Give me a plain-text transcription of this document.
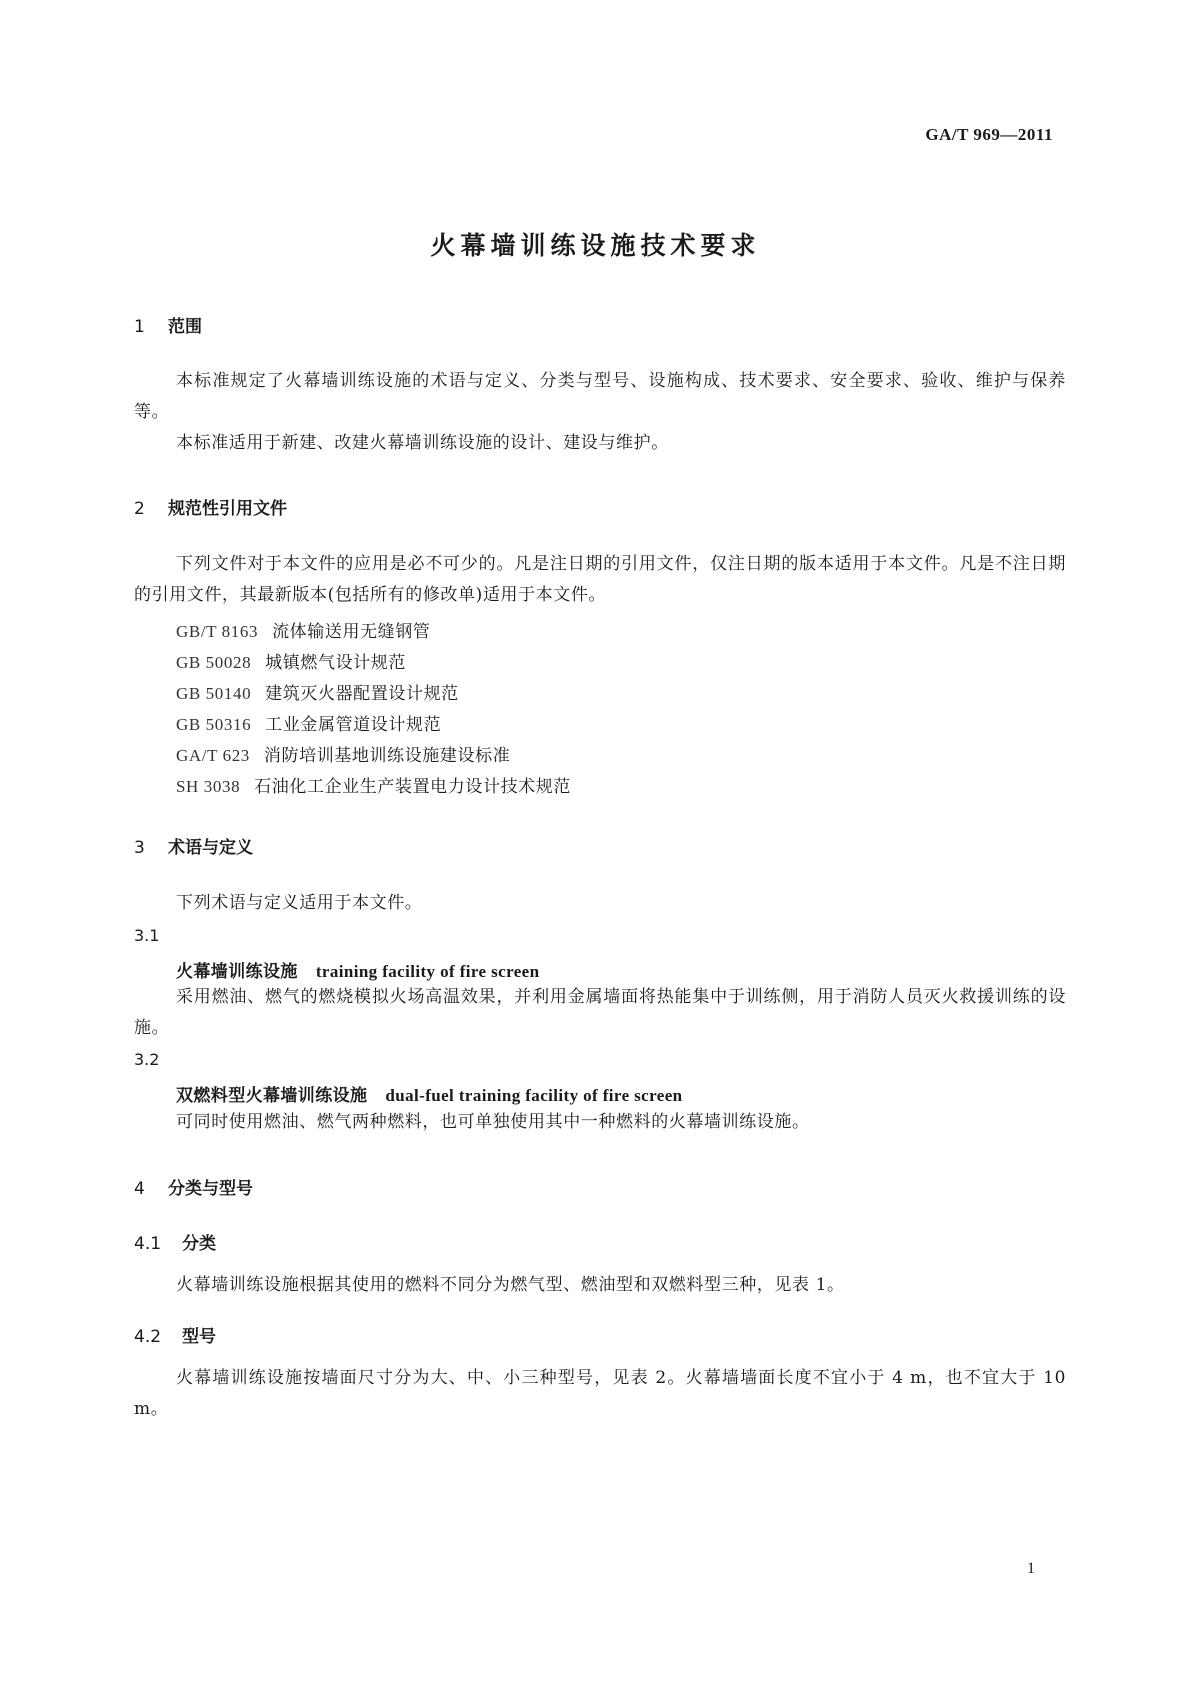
GA/T 969—2011
火幕墙训练设施技术要求
1 范围
本标准规定了火幕墙训练设施的术语与定义、分类与型号、设施构成、技术要求、安全要求、验收、维护与保养等。
本标准适用于新建、改建火幕墙训练设施的设计、建设与维护。
2 规范性引用文件
下列文件对于本文件的应用是必不可少的。凡是注日期的引用文件，仅注日期的版本适用于本文件。凡是不注日期的引用文件，其最新版本(包括所有的修改单)适用于本文件。
GB/T 8163 流体输送用无缝钢管
GB 50028 城镇燃气设计规范
GB 50140 建筑灭火器配置设计规范
GB 50316 工业金属管道设计规范
GA/T 623 消防培训基地训练设施建设标准
SH 3038 石油化工企业生产装置电力设计技术规范
3 术语与定义
下列术语与定义适用于本文件。
3.1
火幕墙训练设施 training facility of fire screen
采用燃油、燃气的燃烧模拟火场高温效果，并利用金属墙面将热能集中于训练侧，用于消防人员灭火救援训练的设施。
3.2
双燃料型火幕墙训练设施 dual-fuel training facility of fire screen
可同时使用燃油、燃气两种燃料，也可单独使用其中一种燃料的火幕墙训练设施。
4 分类与型号
4.1 分类
火幕墙训练设施根据其使用的燃料不同分为燃气型、燃油型和双燃料型三种，见表 1。
4.2 型号
火幕墙训练设施按墙面尺寸分为大、中、小三种型号，见表 2。火幕墙墙面长度不宜小于 4 m，也不宜大于 10 m。
1
